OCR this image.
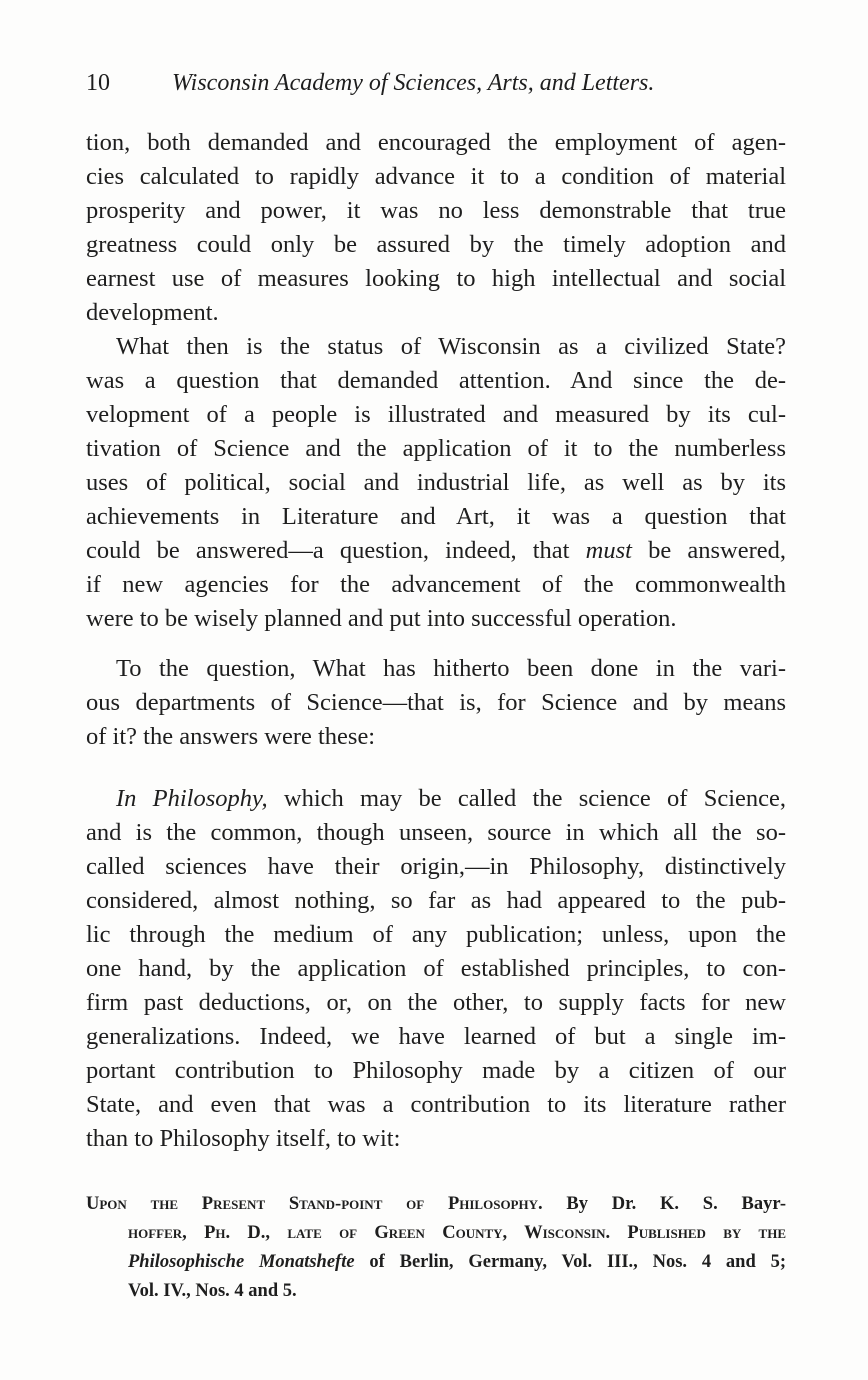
10	Wisconsin Academy of Sciences, Arts, and Letters.
tion, both demanded and encouraged the employment of agen-
cies calculated to rapidly advance it to a condition of material
prosperity and power, it was no less demonstrable that true
greatness could only be assured by the timely adoption and
earnest use of measures looking to high intellectual and social
development.
What then is the status of Wisconsin as a civilized State?
was a question that demanded attention. And since the de-
velopment of a people is illustrated and measured by its cul-
tivation of Science and the application of it to the numberless
uses of political, social and industrial life, as well as by its
achievements in Literature and Art, it was a question that
could be answered—a question, indeed, that must be answered,
if new agencies for the advancement of the commonwealth
were to be wisely planned and put into successful operation.
To the question, What has hitherto been done in the vari-
ous departments of Science—that is, for Science and by means
of it? the answers were these:
In Philosophy, which may be called the science of Science,
and is the common, though unseen, source in which all the so-
called sciences have their origin,—in Philosophy, distinctively
considered, almost nothing, so far as had appeared to the pub-
lic through the medium of any publication; unless, upon the
one hand, by the application of established principles, to con-
firm past deductions, or, on the other, to supply facts for new
generalizations. Indeed, we have learned of but a single im-
portant contribution to Philosophy made by a citizen of our
State, and even that was a contribution to its literature rather
than to Philosophy itself, to wit:
Upon the Present Stand-point of Philosophy. By Dr. K. S. Bayr-
hoffer, Ph. D., late of Green County, Wisconsin. Published by the
Philosophische Monatshefte of Berlin, Germany, Vol. III., Nos. 4 and 5;
Vol. IV., Nos. 4 and 5.
